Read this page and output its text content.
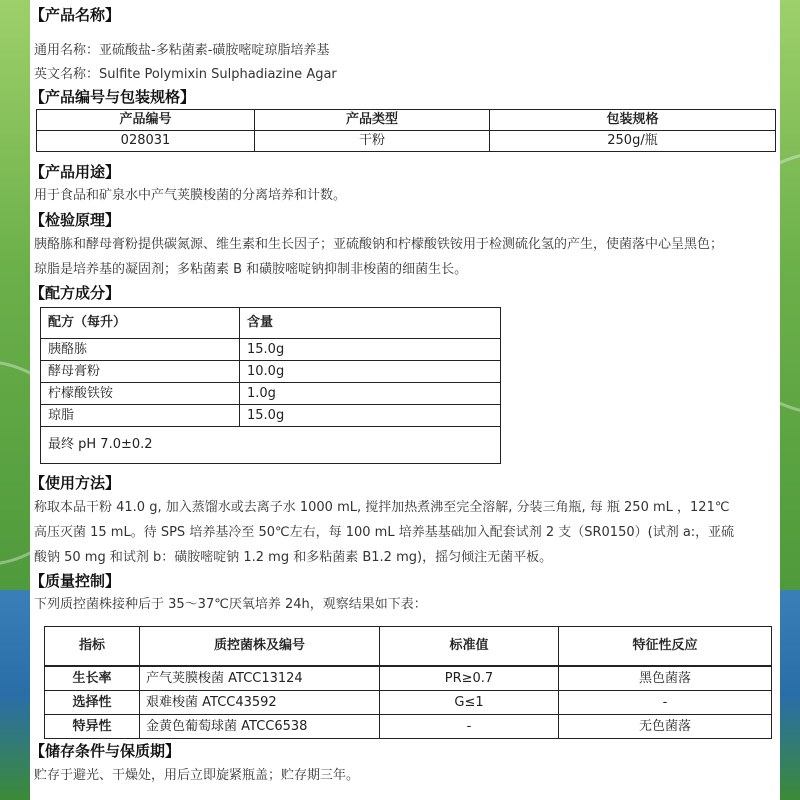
【产品名称】
通用名称：亚硫酸盐-多粘菌素-磺胺嘧啶琼脂培养基
英文名称：Sulfite Polymixin Sulphadiazine Agar
【产品编号与包装规格】
产品编号	产品类型	包装规格
028031	干粉	250g/瓶
【产品用途】
用于食品和矿泉水中产气荚膜梭菌的分离培养和计数。
【检验原理】
胰酪胨和酵母膏粉提供碳氮源、维生素和生长因子；亚硫酸钠和柠檬酸铁铵用于检测硫化氢的产生，使菌落中心呈黑色；
琼脂是培养基的凝固剂；多粘菌素 B 和磺胺嘧啶钠抑制非梭菌的细菌生长。
【配方成分】
配方（每升）	含量
胰酪胨	15.0g
酵母膏粉	10.0g
柠檬酸铁铵	1.0g
琼脂	15.0g
最终 pH 7.0±0.2	
【使用方法】
称取本品干粉 41.0 g, 加入蒸馏水或去离子水 1000 mL, 搅拌加热煮沸至完全溶解, 分装三角瓶, 每 瓶 250 mL ，121℃
高压灭菌 15 mL。待 SPS 培养基冷至 50℃左右，每 100 mL 培养基基础加入配套试剂 2 支（SR0150）(试剂 a:，亚硫
酸钠 50 mg 和试剂 b：磺胺嘧啶钠 1.2 mg 和多粘菌素 B1.2 mg)，摇匀倾注无菌平板。
【质量控制】
下列质控菌株接种后于 35～37℃厌氧培养 24h，观察结果如下表：
指标	质控菌株及编号	标准值	特征性反应
生长率	产气荚膜梭菌 ATCC13124	PR≥0.7	黑色菌落
选择性	艰难梭菌 ATCC43592	G≤1	-
特异性	金黄色葡萄球菌 ATCC6538	-	无色菌落
【储存条件与保质期】
贮存于避光、干燥处，用后立即旋紧瓶盖；贮存期三年。
